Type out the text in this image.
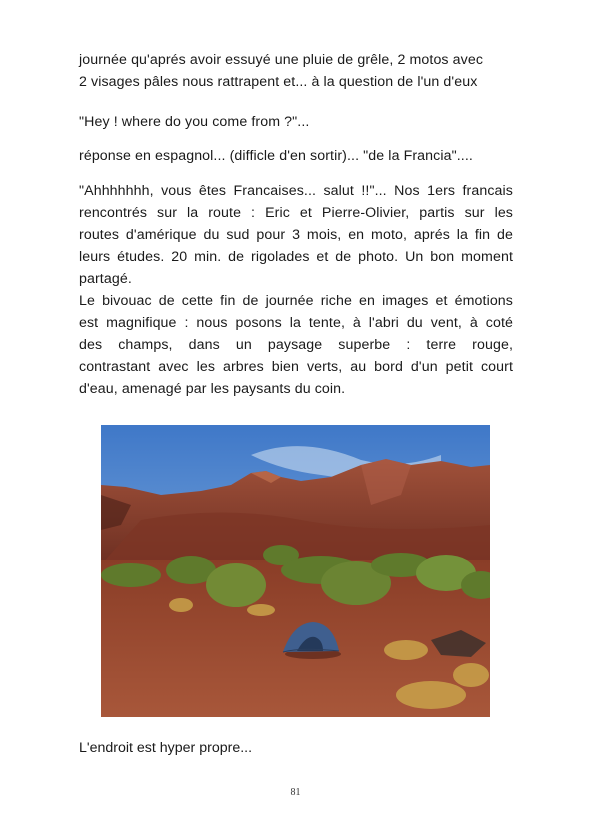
journée qu'aprés avoir essuyé une pluie de grêle, 2 motos avec
2 visages pâles nous rattrapent et... à la question de l'un d'eux
"Hey ! where do you come from ?"...
réponse en espagnol... (difficle d'en sortir)... "de la Francia"....
"Ahhhhhhh, vous êtes Francaises... salut !!"... Nos 1ers francais
rencontrés sur la route : Eric et Pierre-Olivier, partis sur les
routes d'amérique du sud pour 3 mois, en moto, aprés la fin de
leurs études. 20 min. de rigolades et de photo. Un bon moment
partagé.
Le bivouac de cette fin de journée riche en images et émotions
est magnifique : nous posons la tente, à l'abri du vent, à coté
des champs, dans un paysage superbe : terre rouge,
contrastant avec les arbres bien verts, au bord d'un petit court
d'eau, amenagé par les paysants du coin.
L'endroit est hyper propre...
81
